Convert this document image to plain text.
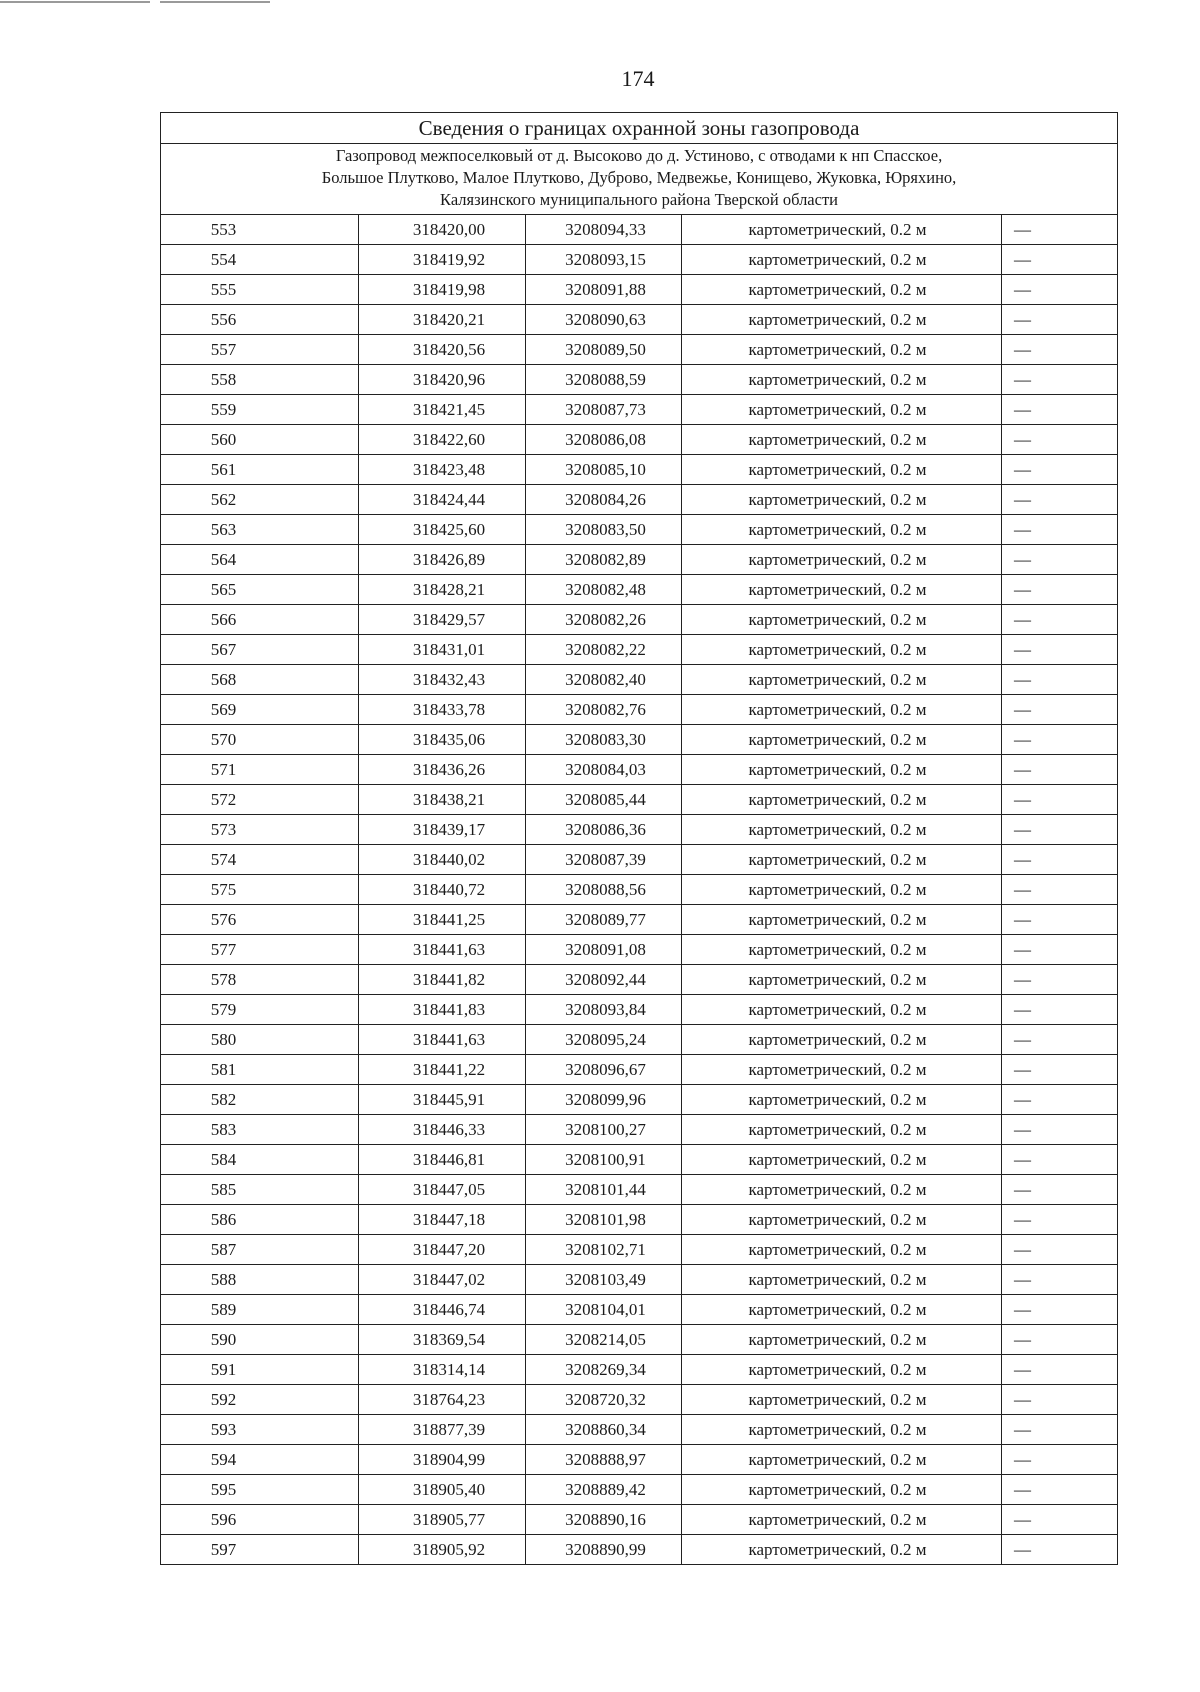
174
Сведения о границах охранной зоны газопровода				

Газопровод межпоселковый от д. Высоково до д. Устиново, с отводами к нп Спасское,
Большое Плутково, Малое Плутково, Дуброво, Медвежье, Конищево, Жуковка, Юряхино,
Калязинского муниципального района Тверской области				

553	318420,00	3208094,33	картометрический, 0.2 м	—
554	318419,92	3208093,15	картометрический, 0.2 м	—
555	318419,98	3208091,88	картометрический, 0.2 м	—
556	318420,21	3208090,63	картометрический, 0.2 м	—
557	318420,56	3208089,50	картометрический, 0.2 м	—
558	318420,96	3208088,59	картометрический, 0.2 м	—
559	318421,45	3208087,73	картометрический, 0.2 м	—
560	318422,60	3208086,08	картометрический, 0.2 м	—
561	318423,48	3208085,10	картометрический, 0.2 м	—
562	318424,44	3208084,26	картометрический, 0.2 м	—
563	318425,60	3208083,50	картометрический, 0.2 м	—
564	318426,89	3208082,89	картометрический, 0.2 м	—
565	318428,21	3208082,48	картометрический, 0.2 м	—
566	318429,57	3208082,26	картометрический, 0.2 м	—
567	318431,01	3208082,22	картометрический, 0.2 м	—
568	318432,43	3208082,40	картометрический, 0.2 м	—
569	318433,78	3208082,76	картометрический, 0.2 м	—
570	318435,06	3208083,30	картометрический, 0.2 м	—
571	318436,26	3208084,03	картометрический, 0.2 м	—
572	318438,21	3208085,44	картометрический, 0.2 м	—
573	318439,17	3208086,36	картометрический, 0.2 м	—
574	318440,02	3208087,39	картометрический, 0.2 м	—
575	318440,72	3208088,56	картометрический, 0.2 м	—
576	318441,25	3208089,77	картометрический, 0.2 м	—
577	318441,63	3208091,08	картометрический, 0.2 м	—
578	318441,82	3208092,44	картометрический, 0.2 м	—
579	318441,83	3208093,84	картометрический, 0.2 м	—
580	318441,63	3208095,24	картометрический, 0.2 м	—
581	318441,22	3208096,67	картометрический, 0.2 м	—
582	318445,91	3208099,96	картометрический, 0.2 м	—
583	318446,33	3208100,27	картометрический, 0.2 м	—
584	318446,81	3208100,91	картометрический, 0.2 м	—
585	318447,05	3208101,44	картометрический, 0.2 м	—
586	318447,18	3208101,98	картометрический, 0.2 м	—
587	318447,20	3208102,71	картометрический, 0.2 м	—
588	318447,02	3208103,49	картометрический, 0.2 м	—
589	318446,74	3208104,01	картометрический, 0.2 м	—
590	318369,54	3208214,05	картометрический, 0.2 м	—
591	318314,14	3208269,34	картометрический, 0.2 м	—
592	318764,23	3208720,32	картометрический, 0.2 м	—
593	318877,39	3208860,34	картометрический, 0.2 м	—
594	318904,99	3208888,97	картометрический, 0.2 м	—
595	318905,40	3208889,42	картометрический, 0.2 м	—
596	318905,77	3208890,16	картометрический, 0.2 м	—
597	318905,92	3208890,99	картометрический, 0.2 м	—
